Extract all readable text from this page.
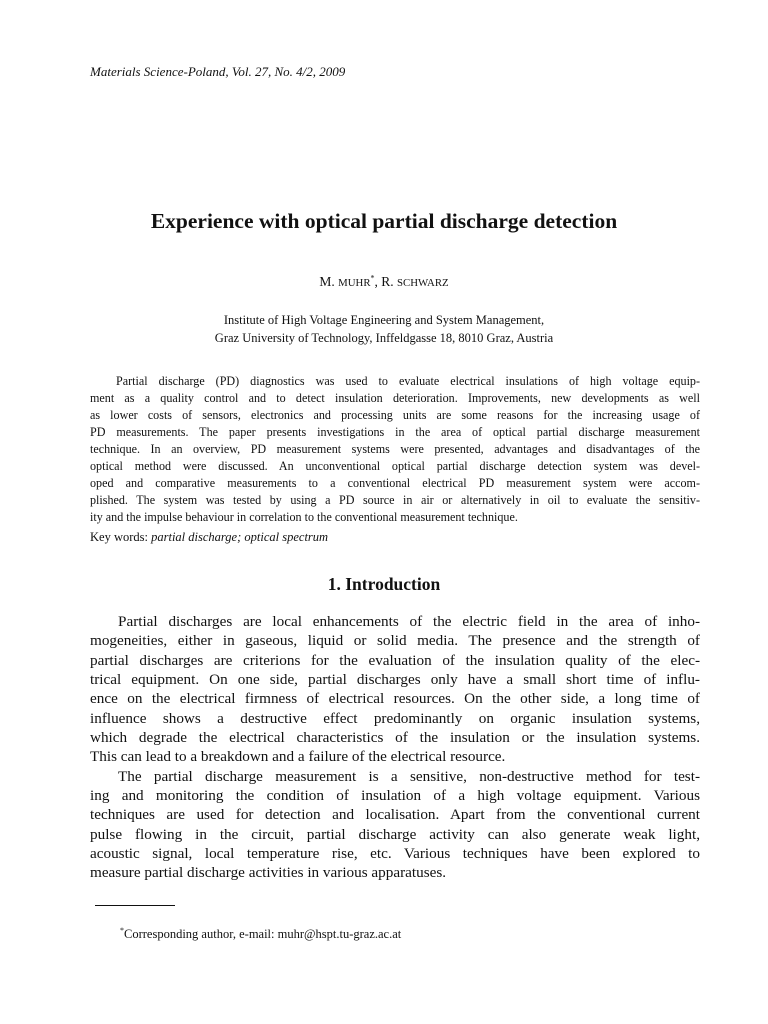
Materials Science-Poland, Vol. 27, No. 4/2, 2009
Experience with optical partial discharge detection
M. MUHR*, R. SCHWARZ
Institute of High Voltage Engineering and System Management,
Graz University of Technology, Inffeldgasse 18, 8010 Graz, Austria
Partial discharge (PD) diagnostics was used to evaluate electrical insulations of high voltage equip-
ment as a quality control and to detect insulation deterioration. Improvements, new developments as well
as lower costs of sensors, electronics and processing units are some reasons for the increasing usage of
PD measurements. The paper presents investigations in the area of optical partial discharge measurement
technique. In an overview, PD measurement systems were presented, advantages and disadvantages of the
optical method were discussed. An unconventional optical partial discharge detection system was devel-
oped and comparative measurements to a conventional electrical PD measurement system were accom-
plished. The system was tested by using a PD source in air or alternatively in oil to evaluate the sensitiv-
ity and the impulse behaviour in correlation to the conventional measurement technique.
Key words: partial discharge; optical spectrum
1. Introduction
Partial discharges are local enhancements of the electric field in the area of inho-
mogeneities, either in gaseous, liquid or solid media. The presence and the strength of
partial discharges are criterions for the evaluation of the insulation quality of the elec-
trical equipment. On one side, partial discharges only have a small short time of influ-
ence on the electrical firmness of electrical resources. On the other side, a long time of
influence shows a destructive effect predominantly on organic insulation systems,
which degrade the electrical characteristics of the insulation or the insulation systems.
This can lead to a breakdown and a failure of the electrical resource.
The partial discharge measurement is a sensitive, non-destructive method for test-
ing and monitoring the condition of insulation of a high voltage equipment. Various
techniques are used for detection and localisation. Apart from the conventional current
pulse flowing in the circuit, partial discharge activity can also generate weak light,
acoustic signal, local temperature rise, etc. Various techniques have been explored to
measure partial discharge activities in various apparatuses.
*Corresponding author, e-mail: muhr@hspt.tu-graz.ac.at
